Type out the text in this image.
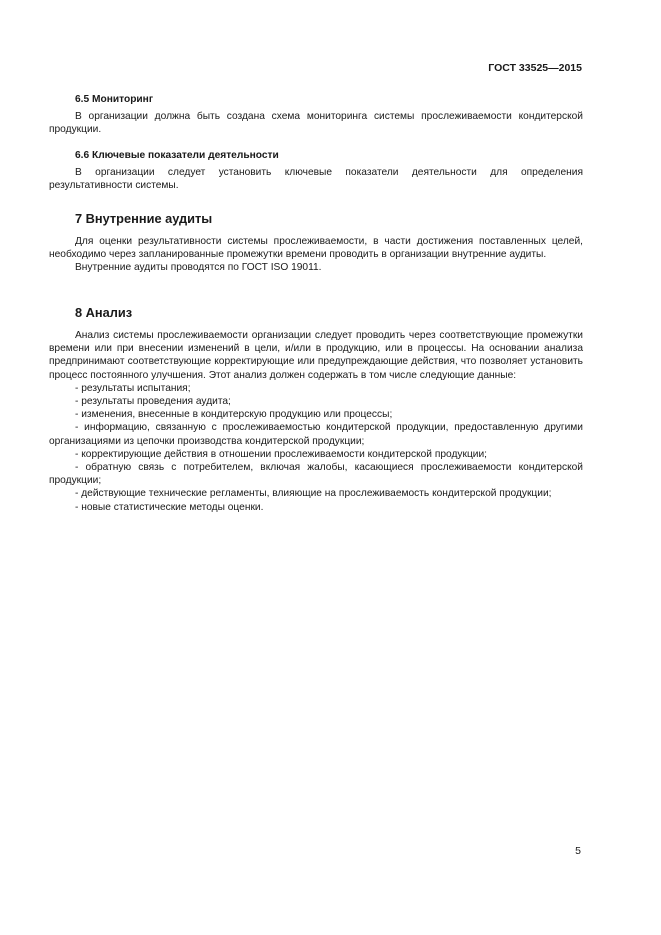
ГОСТ 33525—2015
6.5 Мониторинг

В организации должна быть создана схема мониторинга системы прослеживаемости кондитерской продукции.

6.6 Ключевые показатели деятельности

В организации следует установить ключевые показатели деятельности для определения результативности системы.

7 Внутренние аудиты

Для оценки результативности системы прослеживаемости, в части достижения поставленных целей, необходимо через запланированные промежутки времени проводить в организации внутренние аудиты.

Внутренние аудиты проводятся по ГОСТ ISO 19011.

8 Анализ

Анализ системы прослеживаемости организации следует проводить через соответствующие промежутки времени или при внесении изменений в цели, и/или в продукцию, или в процессы. На основании анализа предпринимают соответствующие корректирующие или предупреждающие действия, что позволяет установить процесс постоянного улучшения. Этот анализ должен содержать в том числе следующие данные:

- результаты испытания;

- результаты проведения аудита;

- изменения, внесенные в кондитерскую продукцию или процессы;

- информацию, связанную с прослеживаемостью кондитерской продукции, предоставленную другими организациями из цепочки производства кондитерской продукции;

- корректирующие действия в отношении прослеживаемости кондитерской продукции;

- обратную связь с потребителем, включая жалобы, касающиеся прослеживаемости кондитерской продукции;

- действующие технические регламенты, влияющие на прослеживаемость кондитерской продукции;

- новые статистические методы оценки.

5
